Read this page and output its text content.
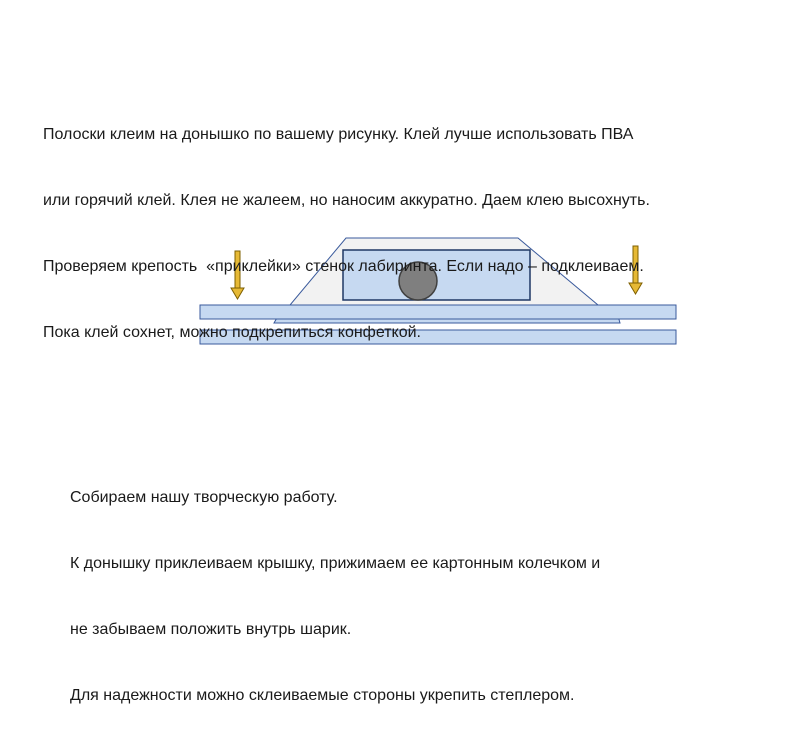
Полоски клеим на донышко по вашему рисунку. Клей лучше использовать ПВА

или горячий клей. Клея не жалеем, но наносим аккуратно. Даем клею высохнуть.

Проверяем крепость  «приклейки» стенок лабиринта. Если надо – подклеиваем.

Пока клей сохнет, можно подкрепиться конфеткой.

Собираем нашу творческую работу.

К донышку приклеиваем крышку, прижимаем ее картонным колечком и

не забываем положить внутрь шарик.

Для надежности можно склеиваемые стороны укрепить степлером.
